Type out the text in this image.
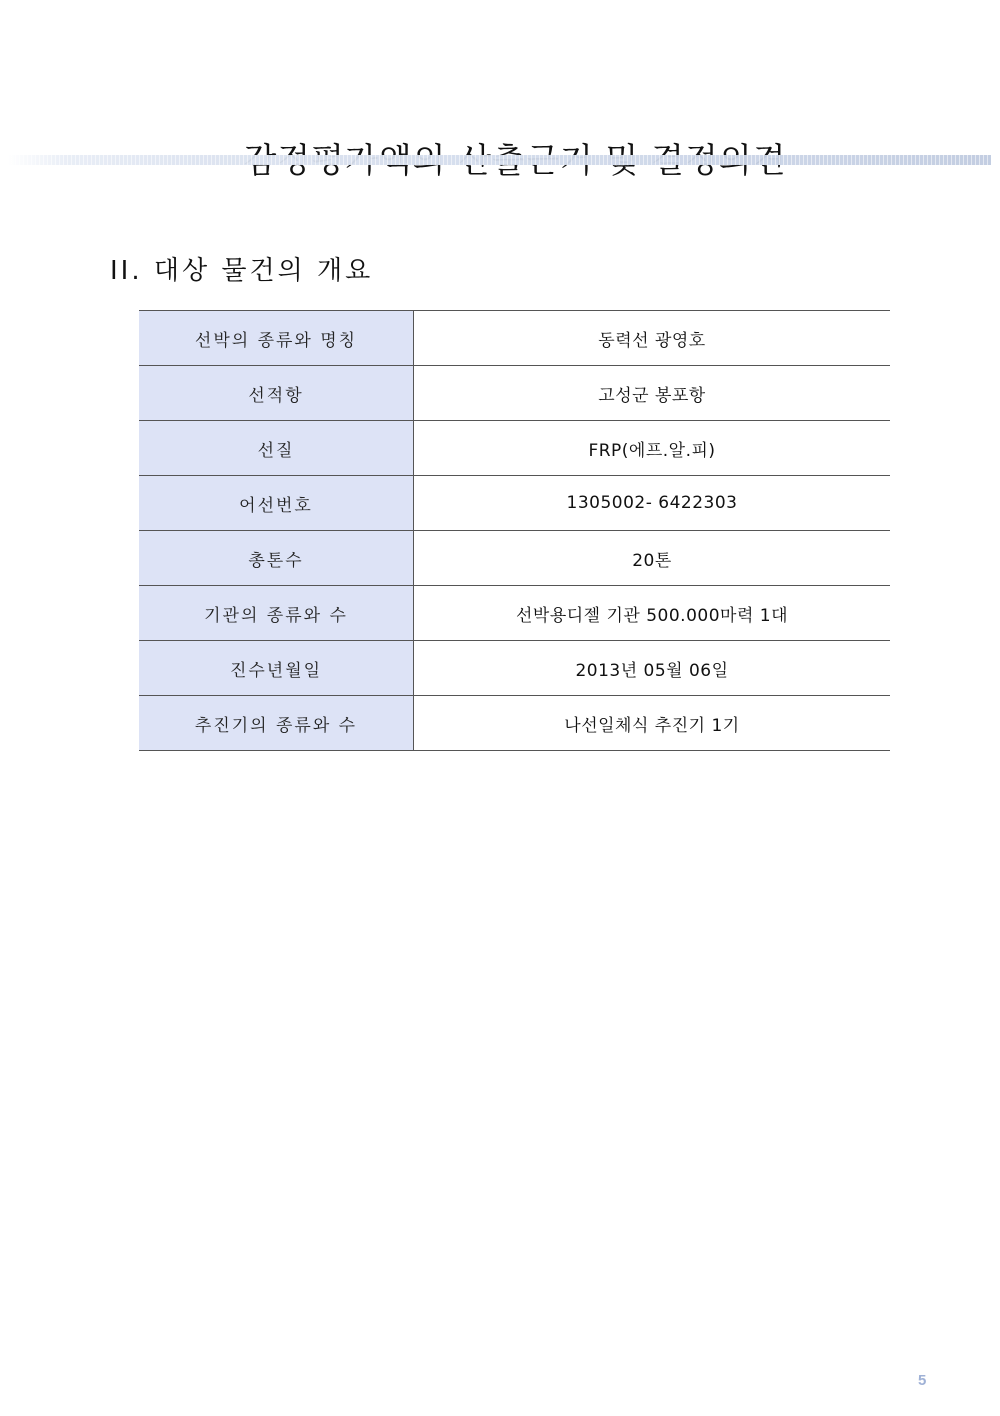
II. 대상 물건의 개요
선박의 종류와 명칭	동력선 광영호
선적항	고성군 봉포항
선질	FRP(에프.알.피)
어선번호	1305002- 6422303
총톤수	20톤
기관의 종류와 수	선박용디젤 기관 500.000마력 1대
진수년월일	2013년 05월 06일
추진기의 종류와 수	나선일체식 추진기 1기
5
